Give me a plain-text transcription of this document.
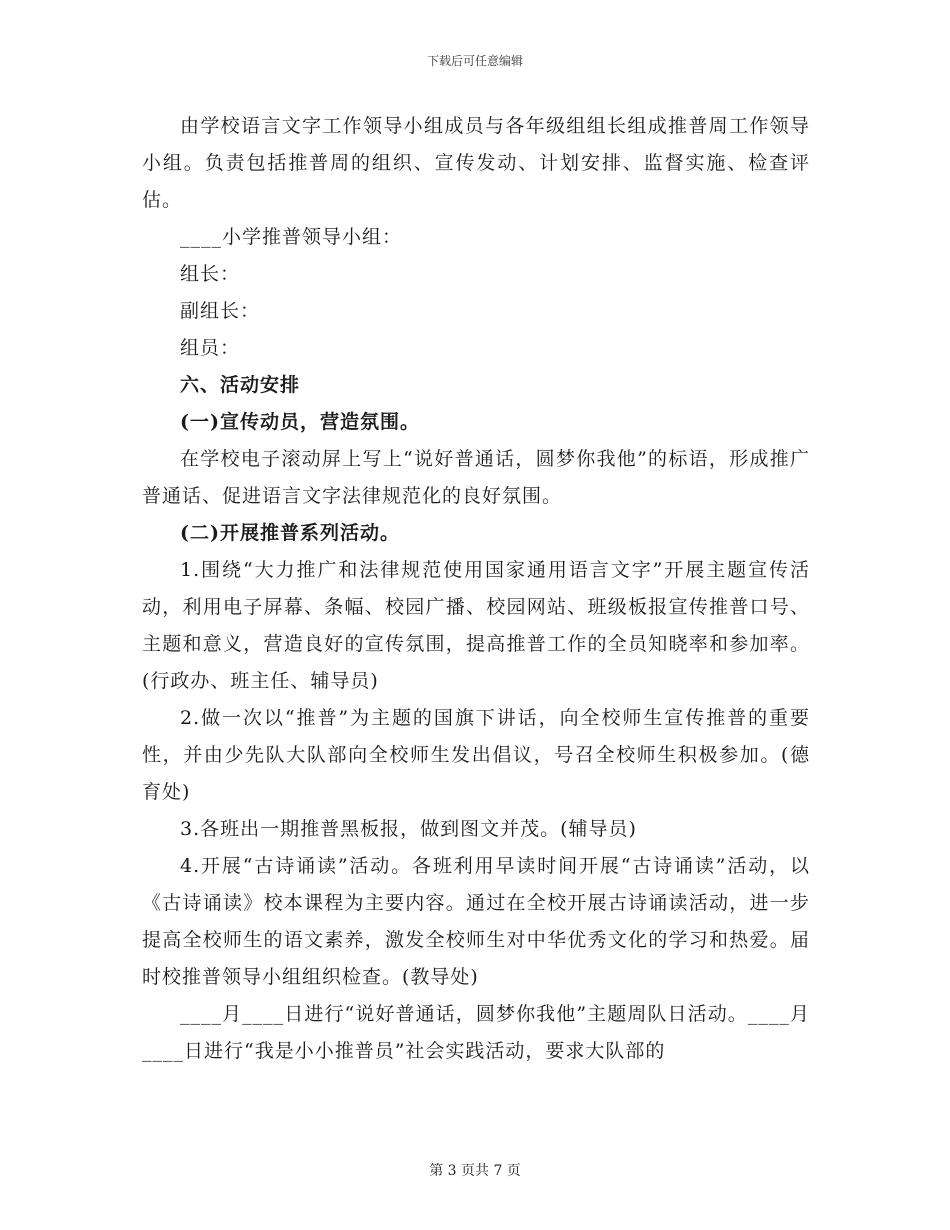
下载后可任意编辑

由学校语言文字工作领导小组成员与各年级组组长组成推普周工作领导小组。负责包括推普周的组织、宣传发动、计划安排、监督实施、检查评估。

____小学推普领导小组：

组长：

副组长：

组员：

六、活动安排

(一)宣传动员，营造氛围。

在学校电子滚动屏上写上“说好普通话，圆梦你我他”的标语，形成推广普通话、促进语言文字法律规范化的良好氛围。

(二)开展推普系列活动。

1.围绕“大力推广和法律规范使用国家通用语言文字”开展主题宣传活动，利用电子屏幕、条幅、校园广播、校园网站、班级板报宣传推普口号、主题和意义，营造良好的宣传氛围，提高推普工作的全员知晓率和参加率。(行政办、班主任、辅导员)

2.做一次以“推普”为主题的国旗下讲话，向全校师生宣传推普的重要性，并由少先队大队部向全校师生发出倡议，号召全校师生积极参加。(德育处)

3.各班出一期推普黑板报，做到图文并茂。(辅导员)

4.开展“古诗诵读”活动。各班利用早读时间开展“古诗诵读”活动，以《古诗诵读》校本课程为主要内容。通过在全校开展古诗诵读活动，进一步提高全校师生的语文素养，激发全校师生对中华优秀文化的学习和热爱。届时校推普领导小组组织检查。(教导处)

____月____日进行“说好普通话，圆梦你我他”主题周队日活动。____月____日进行“我是小小推普员”社会实践活动，要求大队部的

第 3 页共 7 页
